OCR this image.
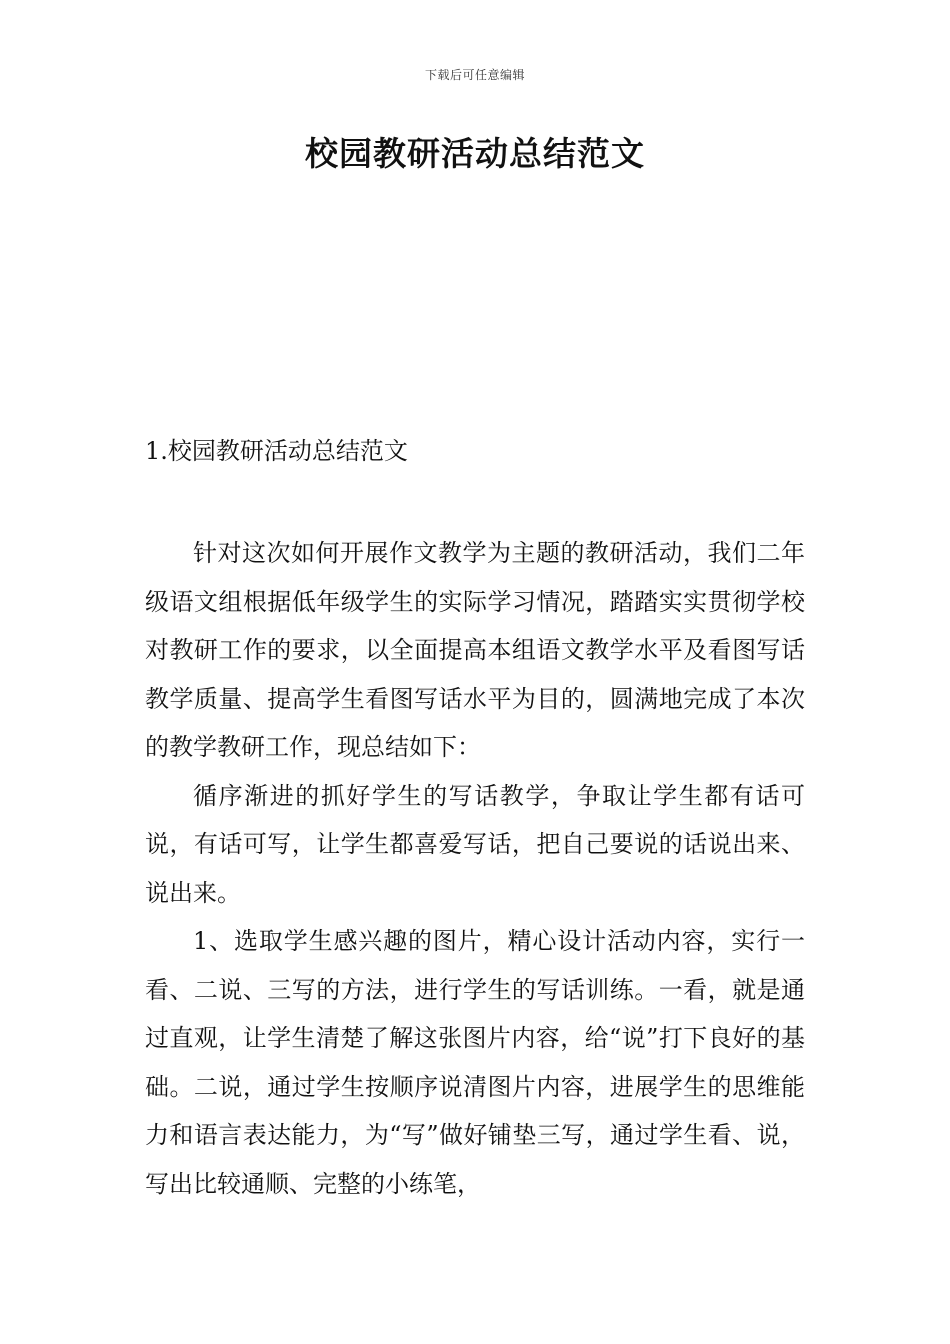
下载后可任意编辑
校园教研活动总结范文
1.校园教研活动总结范文

针对这次如何开展作文教学为主题的教研活动，我们二年级语文组根据低年级学生的实际学习情况，踏踏实实贯彻学校对教研工作的要求，以全面提高本组语文教学水平及看图写话教学质量、提高学生看图写话水平为目的，圆满地完成了本次的教学教研工作，现总结如下：

循序渐进的抓好学生的写话教学，争取让学生都有话可说，有话可写，让学生都喜爱写话，把自己要说的话说出来、说出来。

1、选取学生感兴趣的图片，精心设计活动内容，实行一看、二说、三写的方法，进行学生的写话训练。一看，就是通过直观，让学生清楚了解这张图片内容，给“说”打下良好的基础。二说，通过学生按顺序说清图片内容，进展学生的思维能力和语言表达能力，为“写”做好铺垫三写，通过学生看、说，写出比较通顺、完整的小练笔，
